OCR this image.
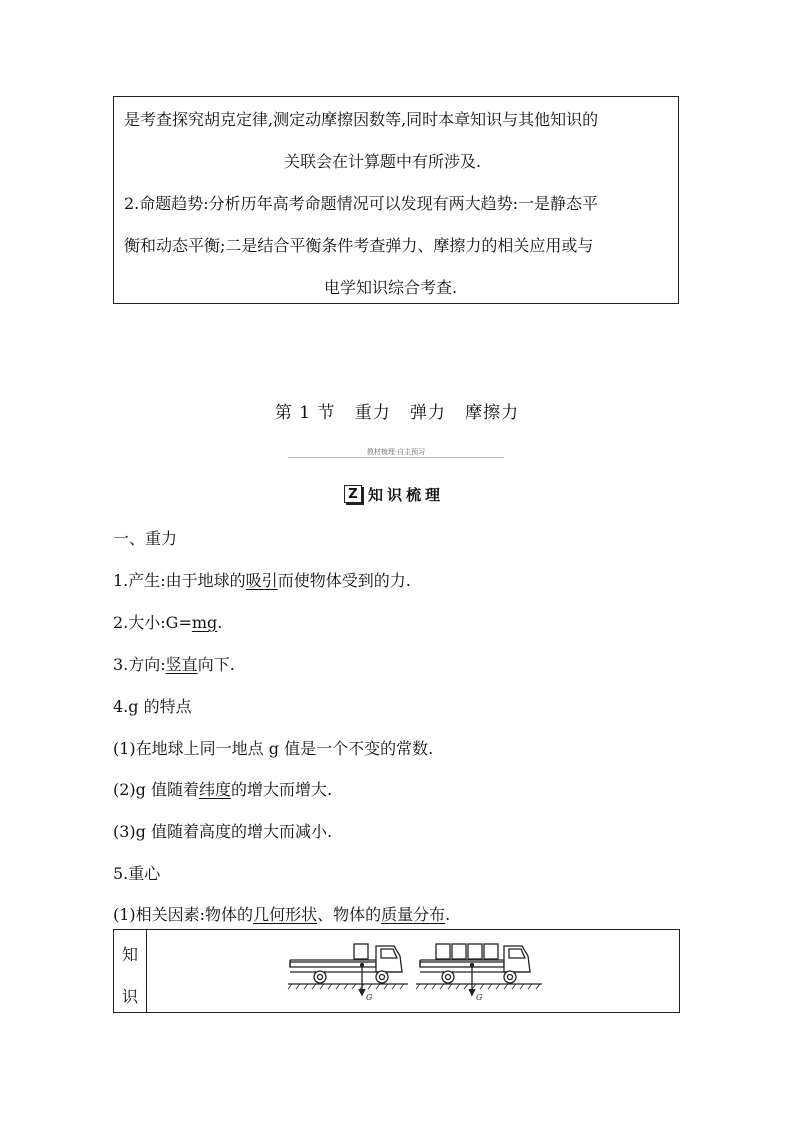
是考查探究胡克定律,测定动摩擦因数等,同时本章知识与其他知识的
关联会在计算题中有所涉及.
2.命题趋势:分析历年高考命题情况可以发现有两大趋势:一是静态平
衡和动态平衡;二是结合平衡条件考查弹力、摩擦力的相关应用或与
电学知识综合考查.
第 1 节   重力   弹力   摩擦力
教材梳理·自主预习
Z 知识梳理
一、重力
1.产生:由于地球的吸引而使物体受到的力.
2.大小:G=mg.
3.方向:竖直向下.
4.g 的特点
(1)在地球上同一地点 g 值是一个不变的常数.
(2)g 值随着纬度的增大而增大.
(3)g 值随着高度的增大而减小.
5.重心
(1)相关因素:物体的几何形状、物体的质量分布.
知
识	G	G
